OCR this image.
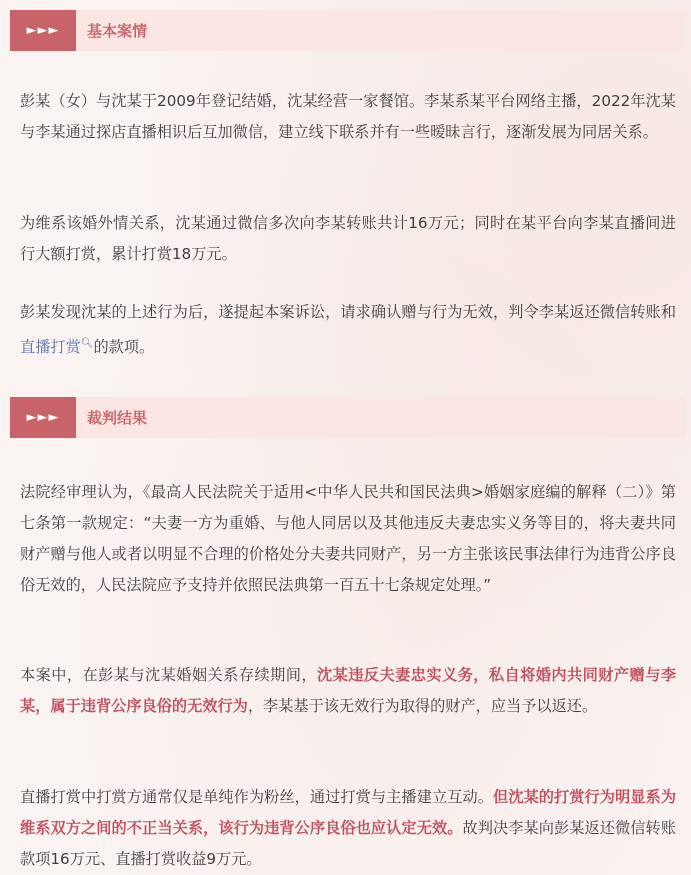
►►►	基本案情

彭某（女）与沈某于2009年登记结婚，沈某经营一家餐馆。李某系某平台网络主播，2022年沈某与李某通过探店直播相识后互加微信，建立线下联系并有一些暧昧言行，逐渐发展为同居关系。

为维系该婚外情关系，沈某通过微信多次向李某转账共计16万元；同时在某平台向李某直播间进行大额打赏，累计打赏18万元。

彭某发现沈某的上述行为后，遂提起本案诉讼，请求确认赠与行为无效，判令李某返还微信转账和直播打赏🔍︎的款项。

►►►	裁判结果

法院经审理认为，《最高人民法院关于适用<中华人民共和国民法典>婚姻家庭编的解释（二）》第七条第一款规定：“夫妻一方为重婚、与他人同居以及其他违反夫妻忠实义务等目的，将夫妻共同财产赠与他人或者以明显不合理的价格处分夫妻共同财产，另一方主张该民事法律行为违背公序良俗无效的，人民法院应予支持并依照民法典第一百五十七条规定处理。”

本案中，在彭某与沈某婚姻关系存续期间，沈某违反夫妻忠实义务，私自将婚内共同财产赠与李某，属于违背公序良俗的无效行为，李某基于该无效行为取得的财产，应当予以返还。

直播打赏中打赏方通常仅是单纯作为粉丝，通过打赏与主播建立互动。但沈某的打赏行为明显系为维系双方之间的不正当关系，该行为违背公序良俗也应认定无效。故判决李某向彭某返还微信转账款项16万元、直播打赏收益9万元。
